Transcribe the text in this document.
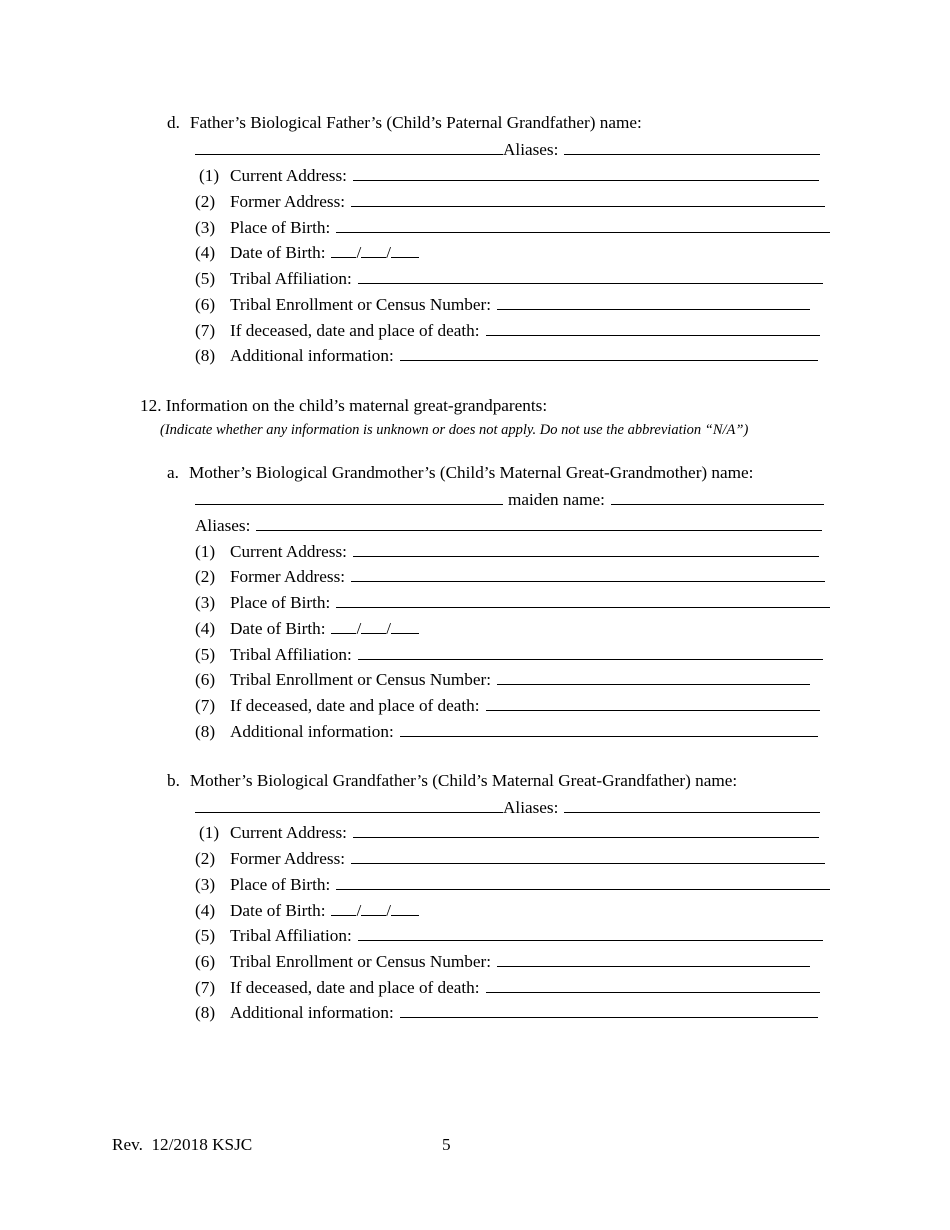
d. Father’s Biological Father’s (Child’s Paternal Grandfather) name:
Aliases:
(1) Current Address:
(2) Former Address:
(3) Place of Birth:
(4) Date of Birth: / /
(5) Tribal Affiliation:
(6) Tribal Enrollment or Census Number:
(7) If deceased, date and place of death:
(8) Additional information:
12. Information on the child’s maternal great-grandparents:
(Indicate whether any information is unknown or does not apply. Do not use the abbreviation “N/A”)
a. Mother’s Biological Grandmother’s (Child’s Maternal Great-Grandmother) name:
maiden name:
Aliases:
(1) Current Address:
(2) Former Address:
(3) Place of Birth:
(4) Date of Birth: / /
(5) Tribal Affiliation:
(6) Tribal Enrollment or Census Number:
(7) If deceased, date and place of death:
(8) Additional information:
b. Mother’s Biological Grandfather’s (Child’s Maternal Great-Grandfather) name:
Aliases:
(1) Current Address:
(2) Former Address:
(3) Place of Birth:
(4) Date of Birth: / /
(5) Tribal Affiliation:
(6) Tribal Enrollment or Census Number:
(7) If deceased, date and place of death:
(8) Additional information:
Rev.  12/2018 KSJC	5
